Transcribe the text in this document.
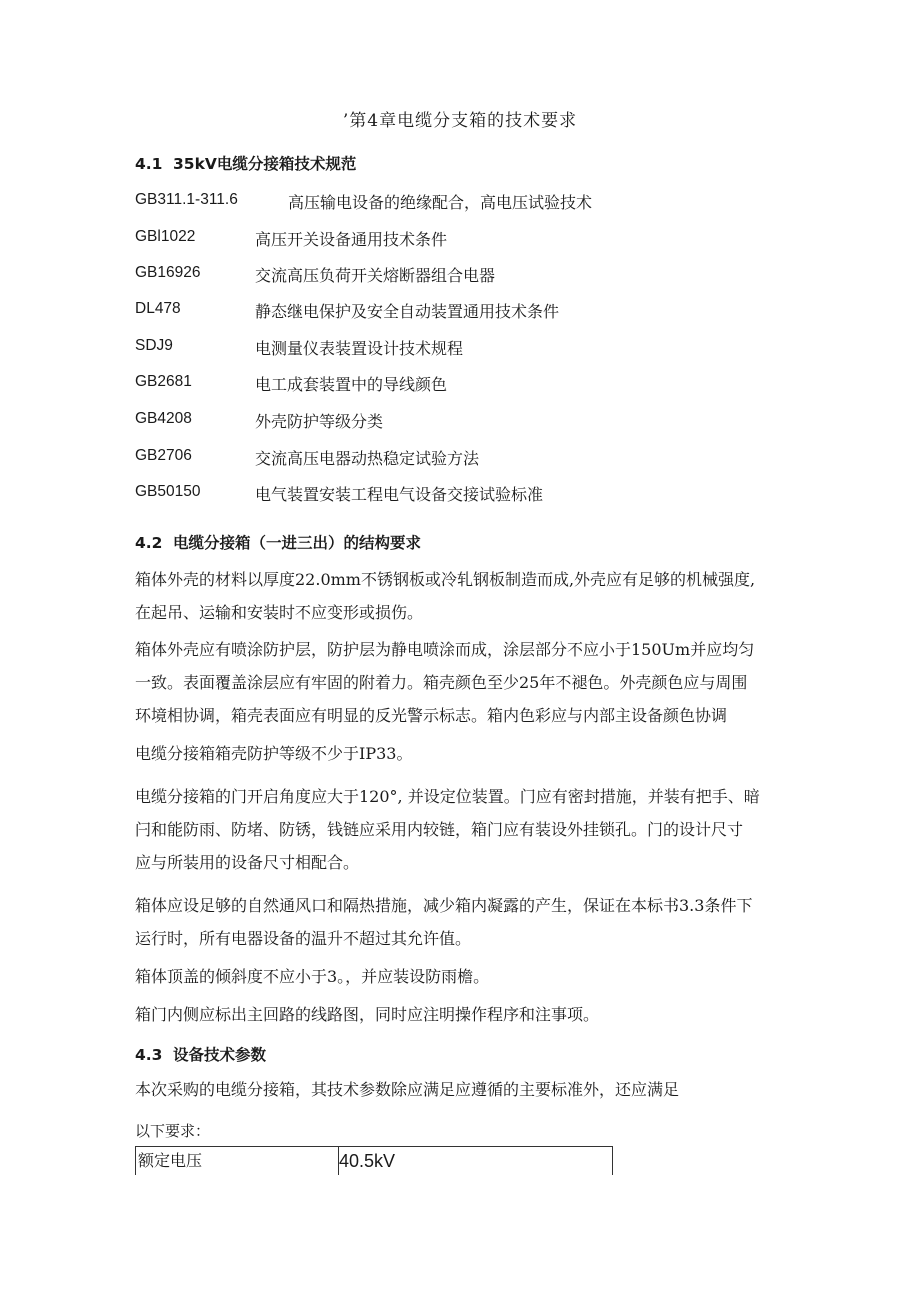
’第4章电缆分支箱的技术要求
4.1 35kV电缆分接箱技术规范
GB311.1-311.6	高压输电设备的绝缘配合，高电压试验技术
GBl1022	高压开关设备通用技术条件
GB16926	交流高压负荷开关熔断器组合电器
DL478	静态继电保护及安全自动装置通用技术条件
SDJ9	电测量仪表装置设计技术规程
GB2681	电工成套装置中的导线颜色
GB4208	外壳防护等级分类
GB2706	交流高压电器动热稳定试验方法
GB50150	电气装置安装工程电气设备交接试验标准
4.2 电缆分接箱（一进三出）的结构要求
箱体外壳的材料以厚度22.0mm不锈钢板或冷轧钢板制造而成,外壳应有足够的机械强度,
在起吊、运输和安装时不应变形或损伤。
箱体外壳应有喷涂防护层，防护层为静电喷涂而成，涂层部分不应小于150Um并应均匀
一致。表面覆盖涂层应有牢固的附着力。箱壳颜色至少25年不褪色。外壳颜色应与周围
环境相协调，箱壳表面应有明显的反光警示标志。箱内色彩应与内部主设备颜色协调
电缆分接箱箱壳防护等级不少于IP33。
电缆分接箱的门开启角度应大于120°, 并设定位装置。门应有密封措施，并装有把手、暗
闩和能防雨、防堵、防锈，钱链应采用内较链，箱门应有装设外挂锁孔。门的设计尺寸
应与所装用的设备尺寸相配合。
箱体应设足够的自然通风口和隔热措施，减少箱内凝露的产生，保证在本标书3.3条件下
运行时，所有电器设备的温升不超过其允许值。
箱体顶盖的倾斜度不应小于3。，并应装设防雨檐。
箱门内侧应标出主回路的线路图，同时应注明操作程序和注事项。
4.3 设备技术参数
本次采购的电缆分接箱，其技术参数除应满足应遵循的主要标准外，还应满足
以下要求：
额定电压	40.5kV
